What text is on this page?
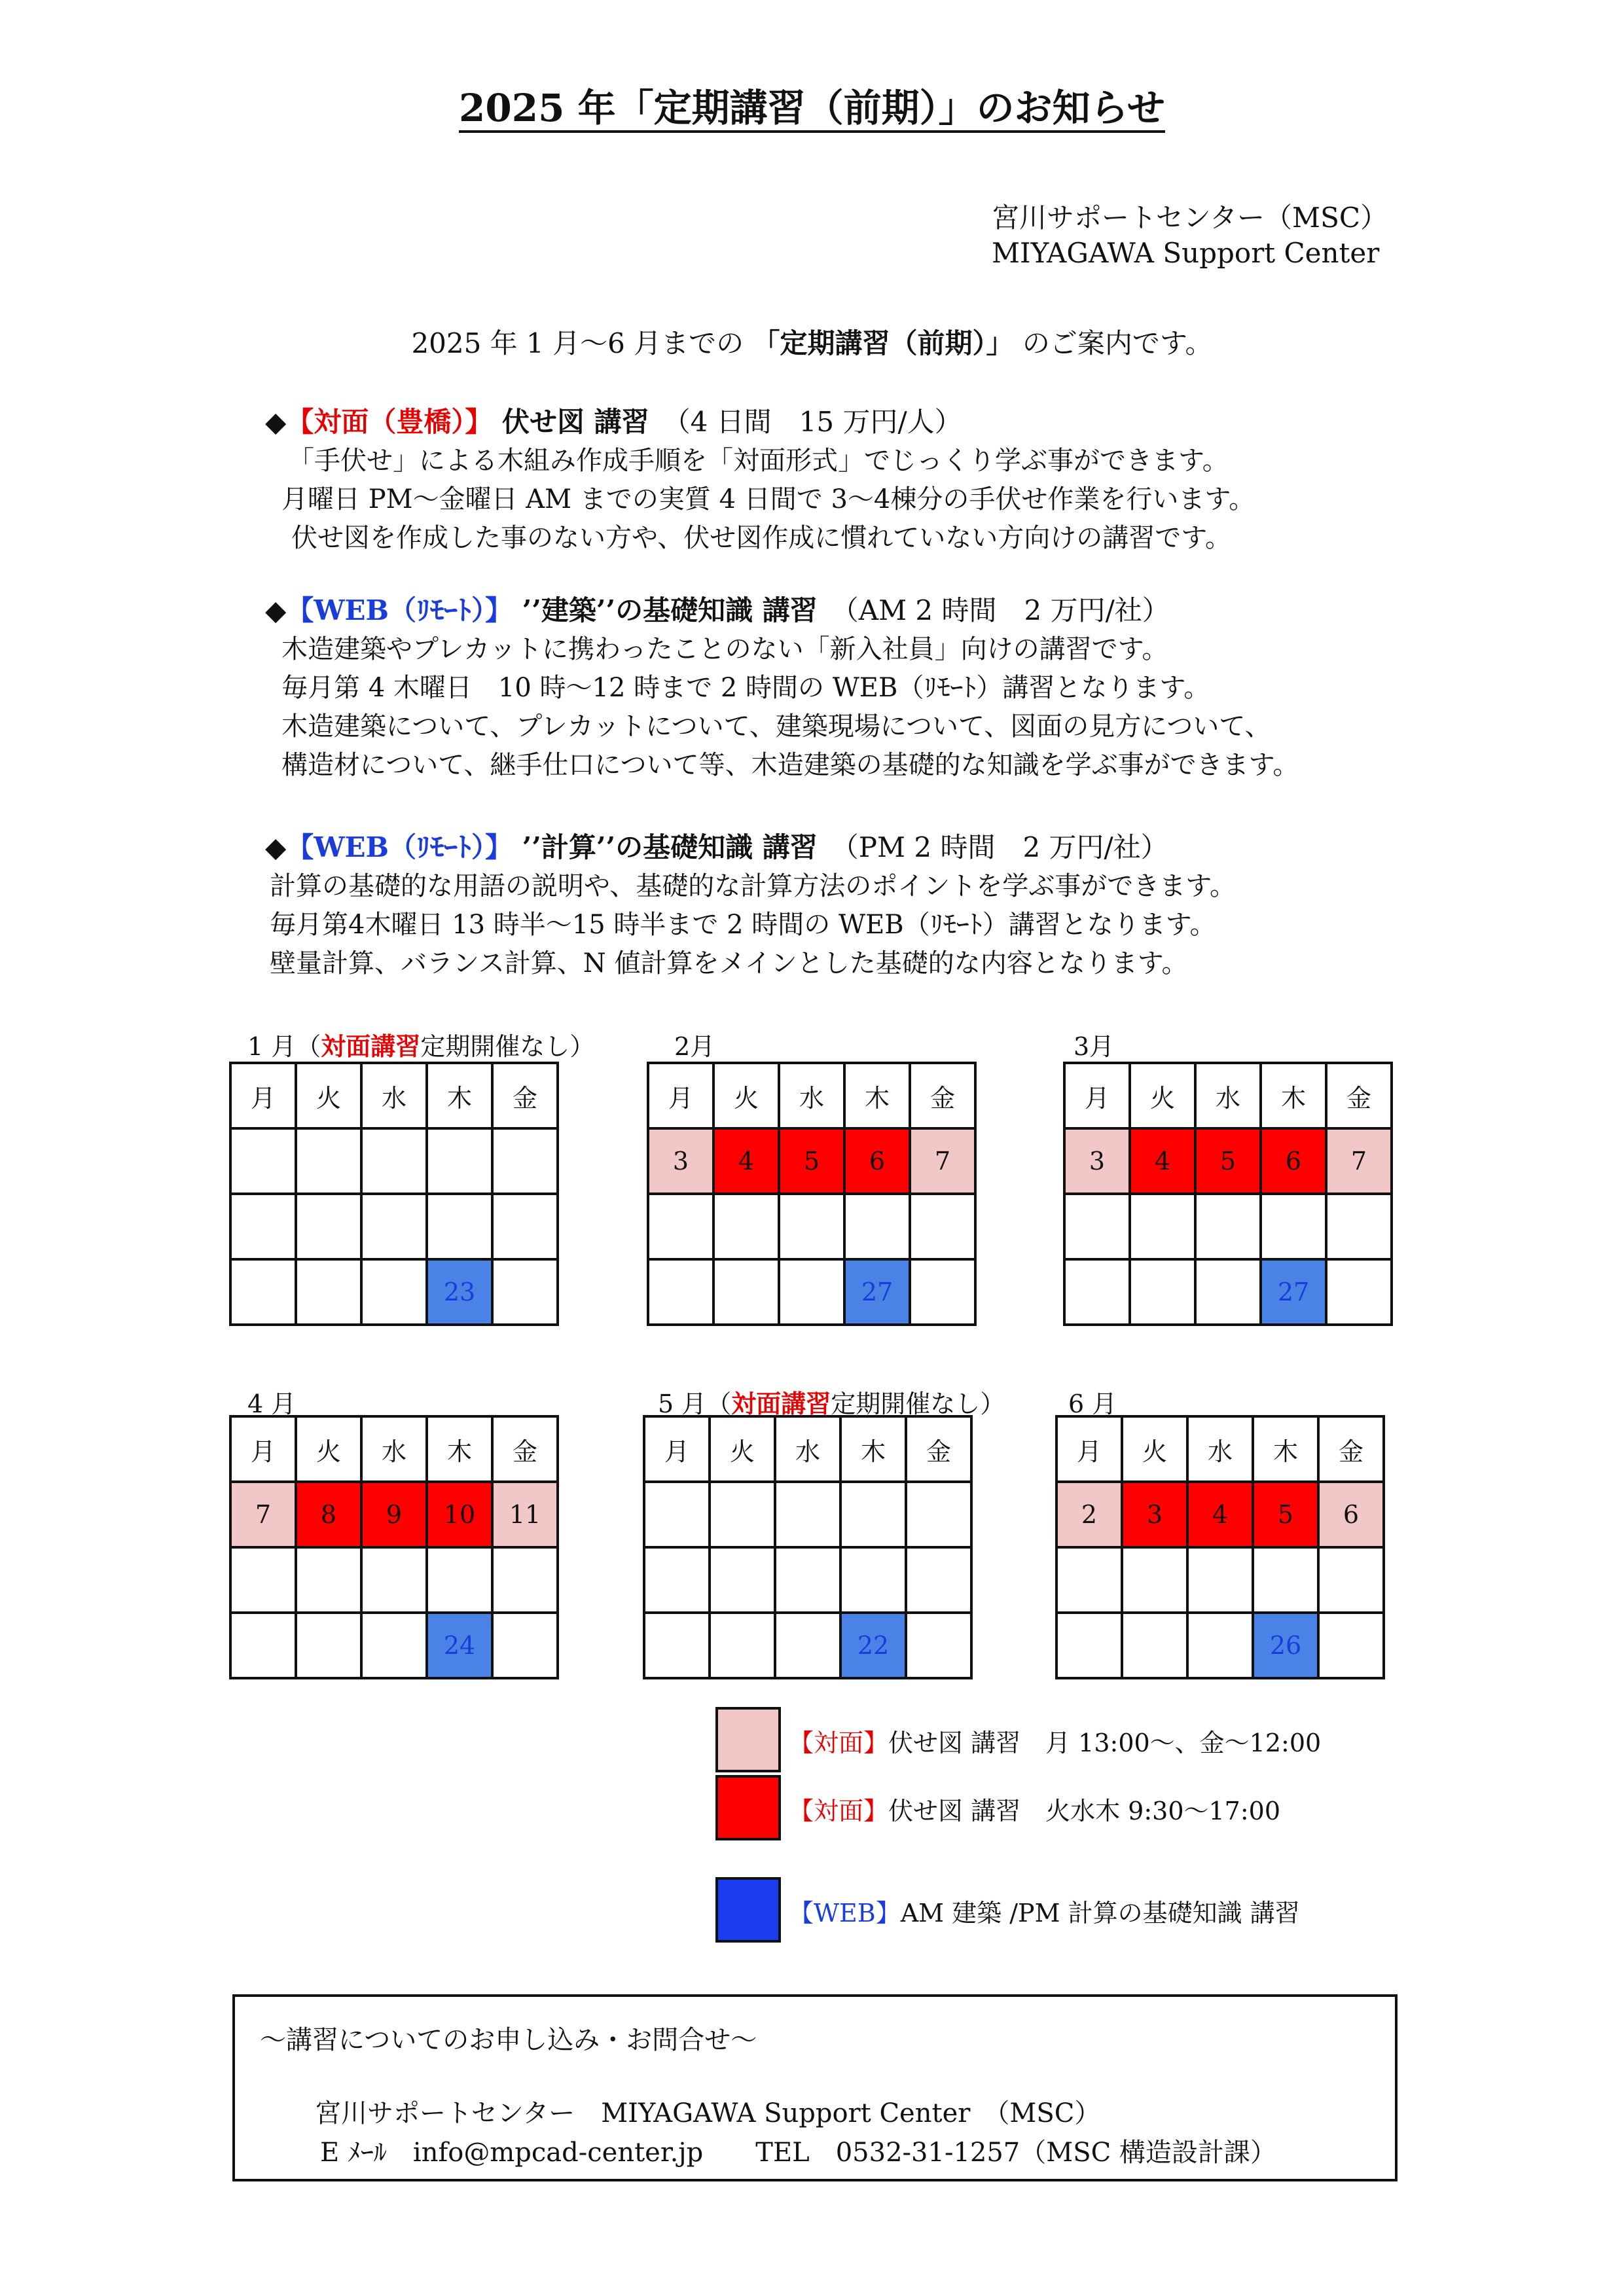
2025 年「定期講習（前期）」のお知らせ
宮川サポートセンター（MSC）
MIYAGAWA Support Center
2025 年 1 月〜6 月までの 「定期講習（前期）」 のご案内です。
◆【対面（豊橋）】 伏せ図 講習　 （4 日間　15 万円/人）
「手伏せ」による木組み作成手順を「対面形式」でじっくり学ぶ事ができます。
月曜日 PM〜金曜日 AM までの実質 4 日間で 3〜4棟分の手伏せ作業を行います。
伏せ図を作成した事のない方や、伏せ図作成に慣れていない方向けの講習です。
◆【WEB（ﾘﾓｰﾄ）】 ’’建築’’の基礎知識 講習　 （AM 2 時間　2 万円/社）
木造建築やプレカットに携わったことのない「新入社員」向けの講習です。
毎月第 4 木曜日　10 時〜12 時まで 2 時間の WEB（ﾘﾓｰﾄ）講習となります。
木造建築について、プレカットについて、建築現場について、図面の見方について、
構造材について、継手仕口について等、木造建築の基礎的な知識を学ぶ事ができます。
◆【WEB（ﾘﾓｰﾄ）】 ’’計算’’の基礎知識 講習　 （PM 2 時間　2 万円/社）
計算の基礎的な用語の説明や、基礎的な計算方法のポイントを学ぶ事ができます。
毎月第4木曜日 13 時半〜15 時半まで 2 時間の WEB（ﾘﾓｰﾄ）講習となります。
壁量計算、バランス計算、N 値計算をメインとした基礎的な内容となります。
1 月（対面講習定期開催なし）	2月	3月
4 月	5 月（対面講習定期開催なし）	6 月
月	火	水	木	金

			23	
月	火	水	木	金
3	4	5	6	7

			27	
月	火	水	木	金
3	4	5	6	7

			27	
月	火	水	木	金
7	8	9	10	11

			24	
月	火	水	木	金

			22	
月	火	水	木	金
2	3	4	5	6

			26	
【対面】伏せ図 講習　月 13:00〜、金〜12:00
【対面】伏せ図 講習　火水木 9:30〜17:00
【WEB】AM 建築 /PM 計算の基礎知識 講習
〜講習についてのお申し込み・お問合せ〜
宮川サポートセンター　MIYAGAWA Support Center　（MSC）
E ﾒｰﾙ　info@mpcad-center.jp　　TEL　0532-31-1257（MSC 構造設計課）
